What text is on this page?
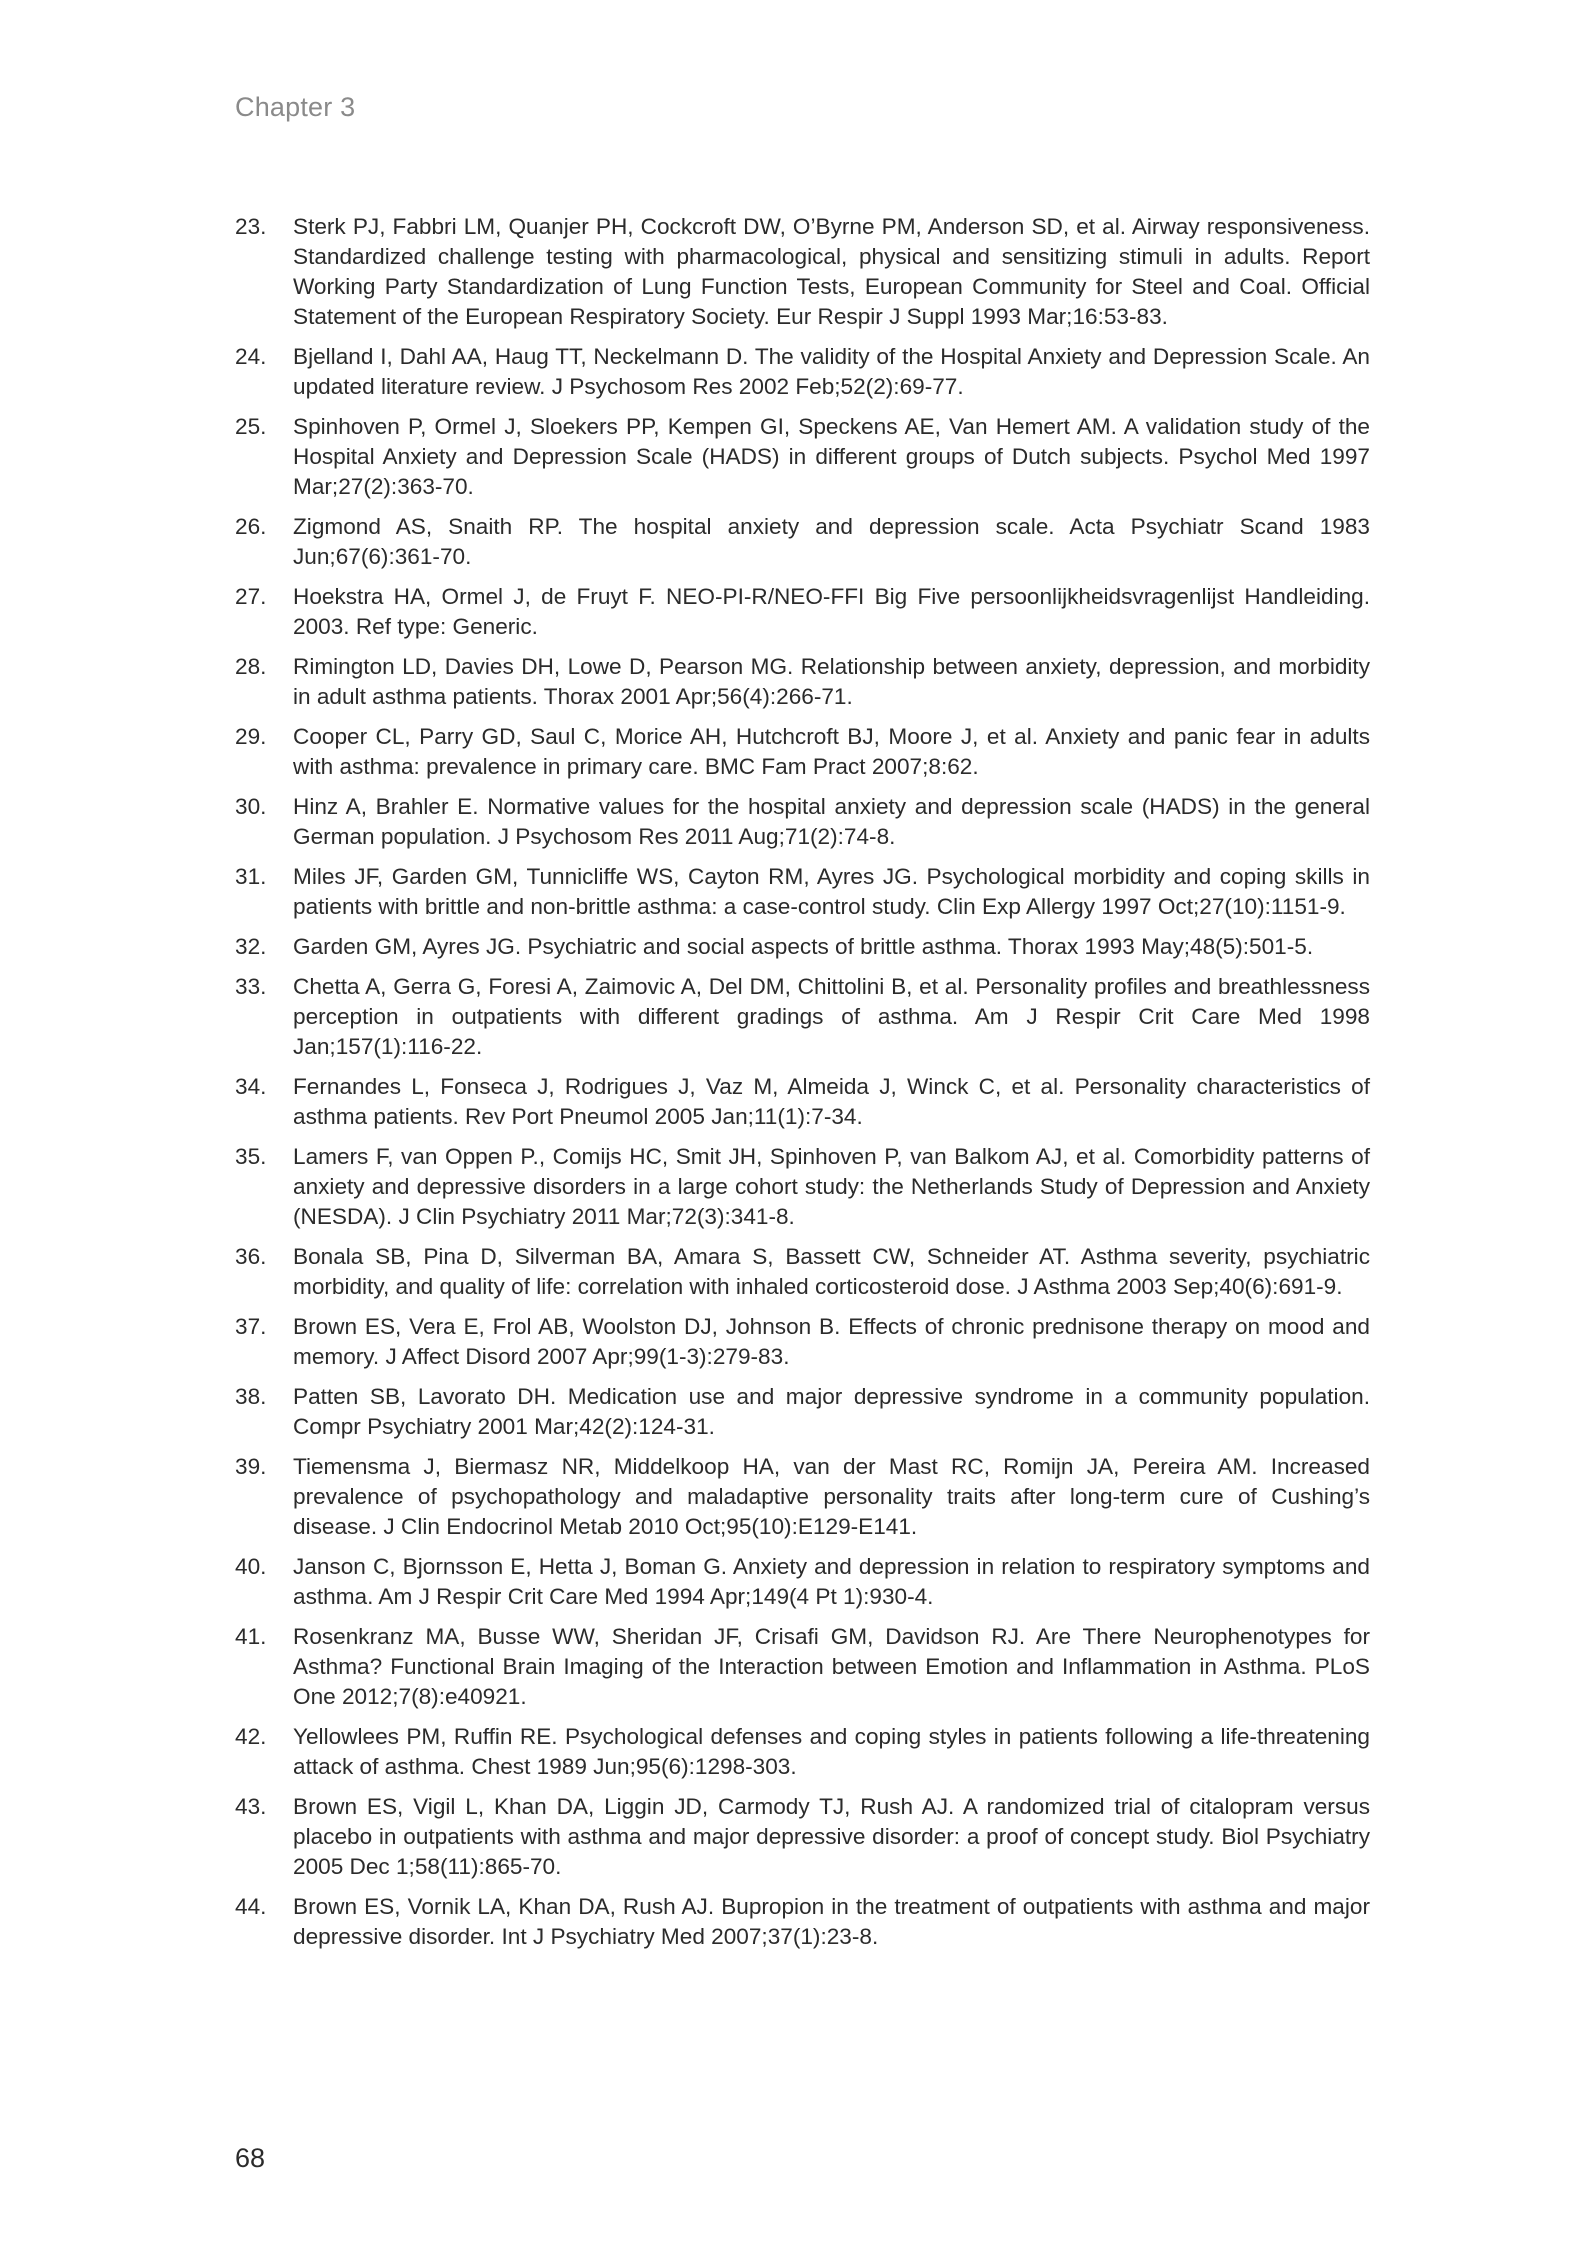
Chapter 3
23.	Sterk PJ, Fabbri LM, Quanjer PH, Cockcroft DW, O’Byrne PM, Anderson SD, et al. Airway responsiveness. Standardized challenge testing with pharmacological, physical and sensitizing stimuli in adults. Report Working Party Standardization of Lung Function Tests, European Community for Steel and Coal. Official Statement of the European Respiratory Society. Eur Respir J Suppl 1993 Mar;16:53-83.
24.	Bjelland I, Dahl AA, Haug TT, Neckelmann D. The validity of the Hospital Anxiety and Depression Scale. An updated literature review. J Psychosom Res 2002 Feb;52(2):69-77.
25.	Spinhoven P, Ormel J, Sloekers PP, Kempen GI, Speckens AE, Van Hemert AM. A validation study of the Hospital Anxiety and Depression Scale (HADS) in different groups of Dutch subjects. Psychol Med 1997 Mar;27(2):363-70.
26.	Zigmond AS, Snaith RP. The hospital anxiety and depression scale. Acta Psychiatr Scand 1983 Jun;67(6):361-70.
27.	Hoekstra HA, Ormel J, de Fruyt F. NEO-PI-R/NEO-FFI Big Five persoonlijkheidsvragenlijst Handleiding. 2003. Ref type: Generic.
28.	Rimington LD, Davies DH, Lowe D, Pearson MG. Relationship between anxiety, depression, and morbidity in adult asthma patients. Thorax 2001 Apr;56(4):266-71.
29.	Cooper CL, Parry GD, Saul C, Morice AH, Hutchcroft BJ, Moore J, et al. Anxiety and panic fear in adults with asthma: prevalence in primary care. BMC Fam Pract 2007;8:62.
30.	Hinz A, Brahler E. Normative values for the hospital anxiety and depression scale (HADS) in the general German population. J Psychosom Res 2011 Aug;71(2):74-8.
31.	Miles JF, Garden GM, Tunnicliffe WS, Cayton RM, Ayres JG. Psychological morbidity and coping skills in patients with brittle and non-brittle asthma: a case-control study. Clin Exp Allergy 1997 Oct;27(10):1151-9.
32.	Garden GM, Ayres JG. Psychiatric and social aspects of brittle asthma. Thorax 1993 May;48(5):501-5.
33.	Chetta A, Gerra G, Foresi A, Zaimovic A, Del DM, Chittolini B, et al. Personality profiles and breathlessness perception in outpatients with different gradings of asthma. Am J Respir Crit Care Med 1998 Jan;157(1):116-22.
34.	Fernandes L, Fonseca J, Rodrigues J, Vaz M, Almeida J, Winck C, et al. Personality characteristics of asthma patients. Rev Port Pneumol 2005 Jan;11(1):7-34.
35.	Lamers F, van Oppen P., Comijs HC, Smit JH, Spinhoven P, van Balkom AJ, et al. Comorbidity patterns of anxiety and depressive disorders in a large cohort study: the Netherlands Study of Depression and Anxiety (NESDA). J Clin Psychiatry 2011 Mar;72(3):341-8.
36.	Bonala SB, Pina D, Silverman BA, Amara S, Bassett CW, Schneider AT. Asthma severity, psychiatric morbidity, and quality of life: correlation with inhaled corticosteroid dose. J Asthma 2003 Sep;40(6):691-9.
37.	Brown ES, Vera E, Frol AB, Woolston DJ, Johnson B. Effects of chronic prednisone therapy on mood and memory. J Affect Disord 2007 Apr;99(1-3):279-83.
38.	Patten SB, Lavorato DH. Medication use and major depressive syndrome in a community population. Compr Psychiatry 2001 Mar;42(2):124-31.
39.	Tiemensma J, Biermasz NR, Middelkoop HA, van der Mast RC, Romijn JA, Pereira AM. Increased prevalence of psychopathology and maladaptive personality traits after long-term cure of Cushing’s disease. J Clin Endocrinol Metab 2010 Oct;95(10):E129-E141.
40.	Janson C, Bjornsson E, Hetta J, Boman G. Anxiety and depression in relation to respiratory symptoms and asthma. Am J Respir Crit Care Med 1994 Apr;149(4 Pt 1):930-4.
41.	Rosenkranz MA, Busse WW, Sheridan JF, Crisafi GM, Davidson RJ. Are There Neurophenotypes for Asthma? Functional Brain Imaging of the Interaction between Emotion and Inflammation in Asthma. PLoS One 2012;7(8):e40921.
42.	Yellowlees PM, Ruffin RE. Psychological defenses and coping styles in patients following a life-threatening attack of asthma. Chest 1989 Jun;95(6):1298-303.
43.	Brown ES, Vigil L, Khan DA, Liggin JD, Carmody TJ, Rush AJ. A randomized trial of citalopram versus placebo in outpatients with asthma and major depressive disorder: a proof of concept study. Biol Psychiatry 2005 Dec 1;58(11):865-70.
44.	Brown ES, Vornik LA, Khan DA, Rush AJ. Bupropion in the treatment of outpatients with asthma and major depressive disorder. Int J Psychiatry Med 2007;37(1):23-8.
68
